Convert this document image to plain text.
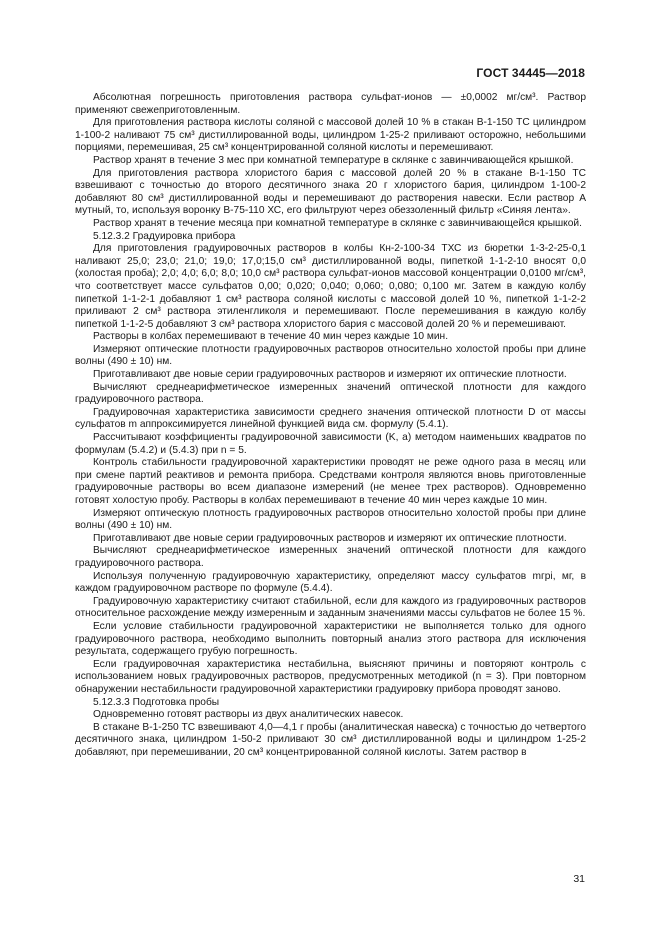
ГОСТ 34445—2018

Абсолютная погрешность приготовления раствора сульфат-ионов — ±0,0002 мг/см³. Раствор применяют свежеприготовленным.

Для приготовления раствора кислоты соляной с массовой долей 10 % в стакан В-1-150 ТС цилиндром 1-100-2 наливают 75 см³ дистиллированной воды, цилиндром 1-25-2 приливают осторожно, небольшими порциями, перемешивая, 25 см³ концентрированной соляной кислоты и перемешивают.

Раствор хранят в течение 3 мес при комнатной температуре в склянке с завинчивающейся крышкой.

Для приготовления раствора хлористого бария с массовой долей 20 % в стакане В-1-150 ТС взвешивают с точностью до второго десятичного знака 20 г хлористого бария, цилиндром 1-100-2 добавляют 80 см³ дистиллированной воды и перемешивают до растворения навески. Если раствор А мутный, то, используя воронку В-75-110 ХС, его фильтруют через обеззоленный фильтр «Синяя лента».

Раствор хранят в течение месяца при комнатной температуре в склянке с завинчивающейся крышкой.

5.12.3.2 Градуировка прибора

Для приготовления градуировочных растворов в колбы Кн-2-100-34 ТХС из бюретки 1-3-2-25-0,1 наливают 25,0; 23,0; 21,0; 19,0; 17,0;15,0 см³ дистиллированной воды, пипеткой 1-1-2-10 вносят 0,0 (холостая проба); 2,0; 4,0; 6,0; 8,0; 10,0 см³ раствора сульфат-ионов массовой концентрации 0,0100 мг/см³, что соответствует массе сульфатов 0,00; 0,020; 0,040; 0,060; 0,080; 0,100 мг. Затем в каждую колбу пипеткой 1-1-2-1 добавляют 1 см³ раствора соляной кислоты с массовой долей 10 %, пипеткой 1-1-2-2 приливают 2 см³ раствора этиленгликоля и перемешивают. После перемешивания в каждую колбу пипеткой 1-1-2-5 добавляют 3 см³ раствора хлористого бария с массовой долей 20 % и перемешивают.

Растворы в колбах перемешивают в течение 40 мин через каждые 10 мин.

Измеряют оптические плотности градуировочных растворов относительно холостой пробы при длине волны (490 ± 10) нм.

Приготавливают две новые серии градуировочных растворов и измеряют их оптические плотности.

Вычисляют среднеарифметическое измеренных значений оптической плотности для каждого градуировочного раствора.

Градуировочная характеристика зависимости среднего значения оптической плотности D от массы сульфатов m аппроксимируется линейной функцией вида см. формулу (5.4.1).

Рассчитывают коэффициенты градуировочной зависимости (K, a) методом наименьших квадратов по формулам (5.4.2) и (5.4.3) при n = 5.

Контроль стабильности градуировочной характеристики проводят не реже одного раза в месяц или при смене партий реактивов и ремонта прибора. Средствами контроля являются вновь приготовленные градуировочные растворы во всем диапазоне измерений (не менее трех растворов). Одновременно готовят холостую пробу. Растворы в колбах перемешивают в течение 40 мин через каждые 10 мин.

Измеряют оптическую плотность градуировочных растворов относительно холостой пробы при длине волны (490 ± 10) нм.

Приготавливают две новые серии градуировочных растворов и измеряют их оптические плотности.

Вычисляют среднеарифметическое измеренных значений оптической плотности для каждого градуировочного раствора.

Используя полученную градуировочную характеристику, определяют массу сульфатов mгрi, мг, в каждом градуировочном растворе по формуле (5.4.4).

Градуировочную характеристику считают стабильной, если для каждого из градуировочных растворов относительное расхождение между измеренным и заданным значениями массы сульфатов не более 15 %.

Если условие стабильности градуировочной характеристики не выполняется только для одного градуировочного раствора, необходимо выполнить повторный анализ этого раствора для исключения результата, содержащего грубую погрешность.

Если градуировочная характеристика нестабильна, выясняют причины и повторяют контроль с использованием новых градуировочных растворов, предусмотренных методикой (n = 3). При повторном обнаружении нестабильности градуировочной характеристики градуировку прибора проводят заново.

5.12.3.3 Подготовка пробы

Одновременно готовят растворы из двух аналитических навесок.

В стакане В-1-250 ТС взвешивают 4,0—4,1 г пробы (аналитическая навеска) с точностью до четвертого десятичного знака, цилиндром 1-50-2 приливают 30 см³ дистиллированной воды и цилиндром 1-25-2 добавляют, при перемешивании, 20 см³ концентрированной соляной кислоты. Затем раствор в

31
